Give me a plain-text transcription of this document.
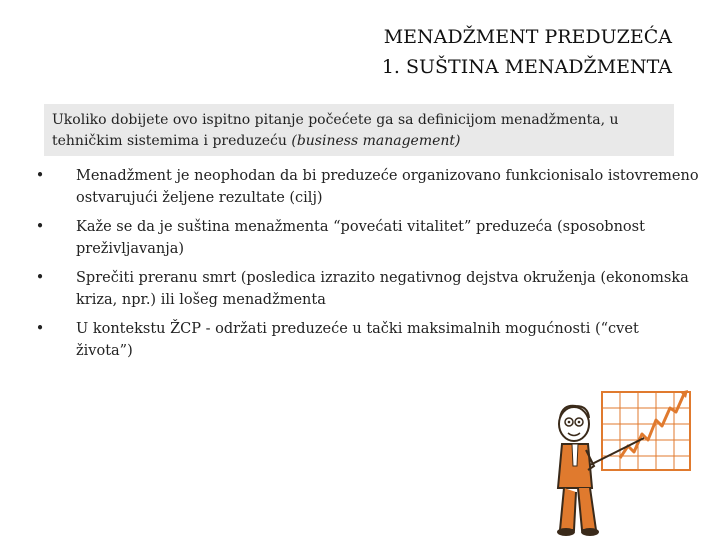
MENADŽMENT PREDUZEĆA
1. SUŠTINA MENADŽMENTA
Ukoliko dobijete ovo ispitno pitanje počećete ga sa definicijom menadžmenta, u tehničkim sistemima i preduzeću (business management)
•	Menadžment je neophodan da bi preduzeće organizovano funkcionisalo istovremeno ostvarujući željene rezultate (cilj)
•	Kaže se da je suština menažmenta “povećati vitalitet” preduzeća (sposobnost preživljavanja)
•	Sprečiti preranu smrt (posledica izrazito negativnog dejstva okruženja (ekonomska kriza, npr.) ili lošeg menadžmenta
•	U kontekstu ŽCP - održati preduzeće u tački maksimalnih mogućnosti (“cvet života”)
